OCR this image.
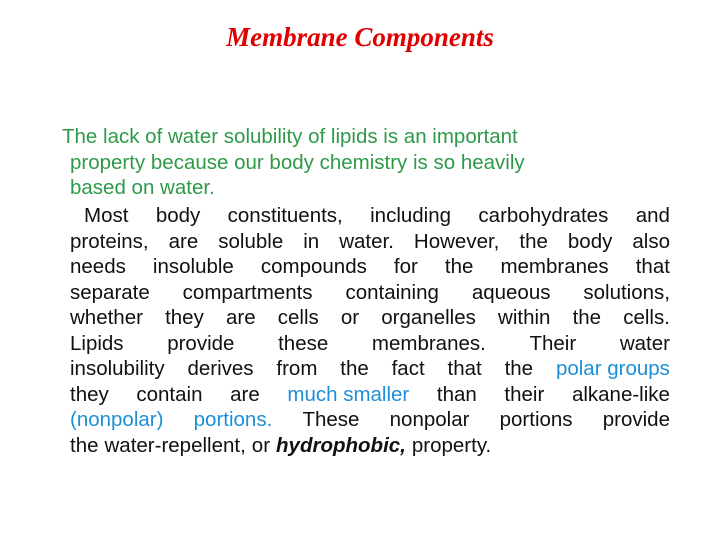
Membrane Components
The lack of water solubility of lipids is an important
property because our body chemistry is so heavily
based on water.
Most body constituents, including carbohydrates and
proteins, are soluble in water. However, the body also
needs insoluble compounds for the membranes that
separate compartments containing aqueous solutions,
whether they are cells or organelles within the cells.
Lipids provide these membranes. Their water
insolubility derives from the fact that the polar groups
they contain are much smaller than their alkane-like
(nonpolar) portions. These nonpolar portions provide
the water-repellent, or hydrophobic, property.
